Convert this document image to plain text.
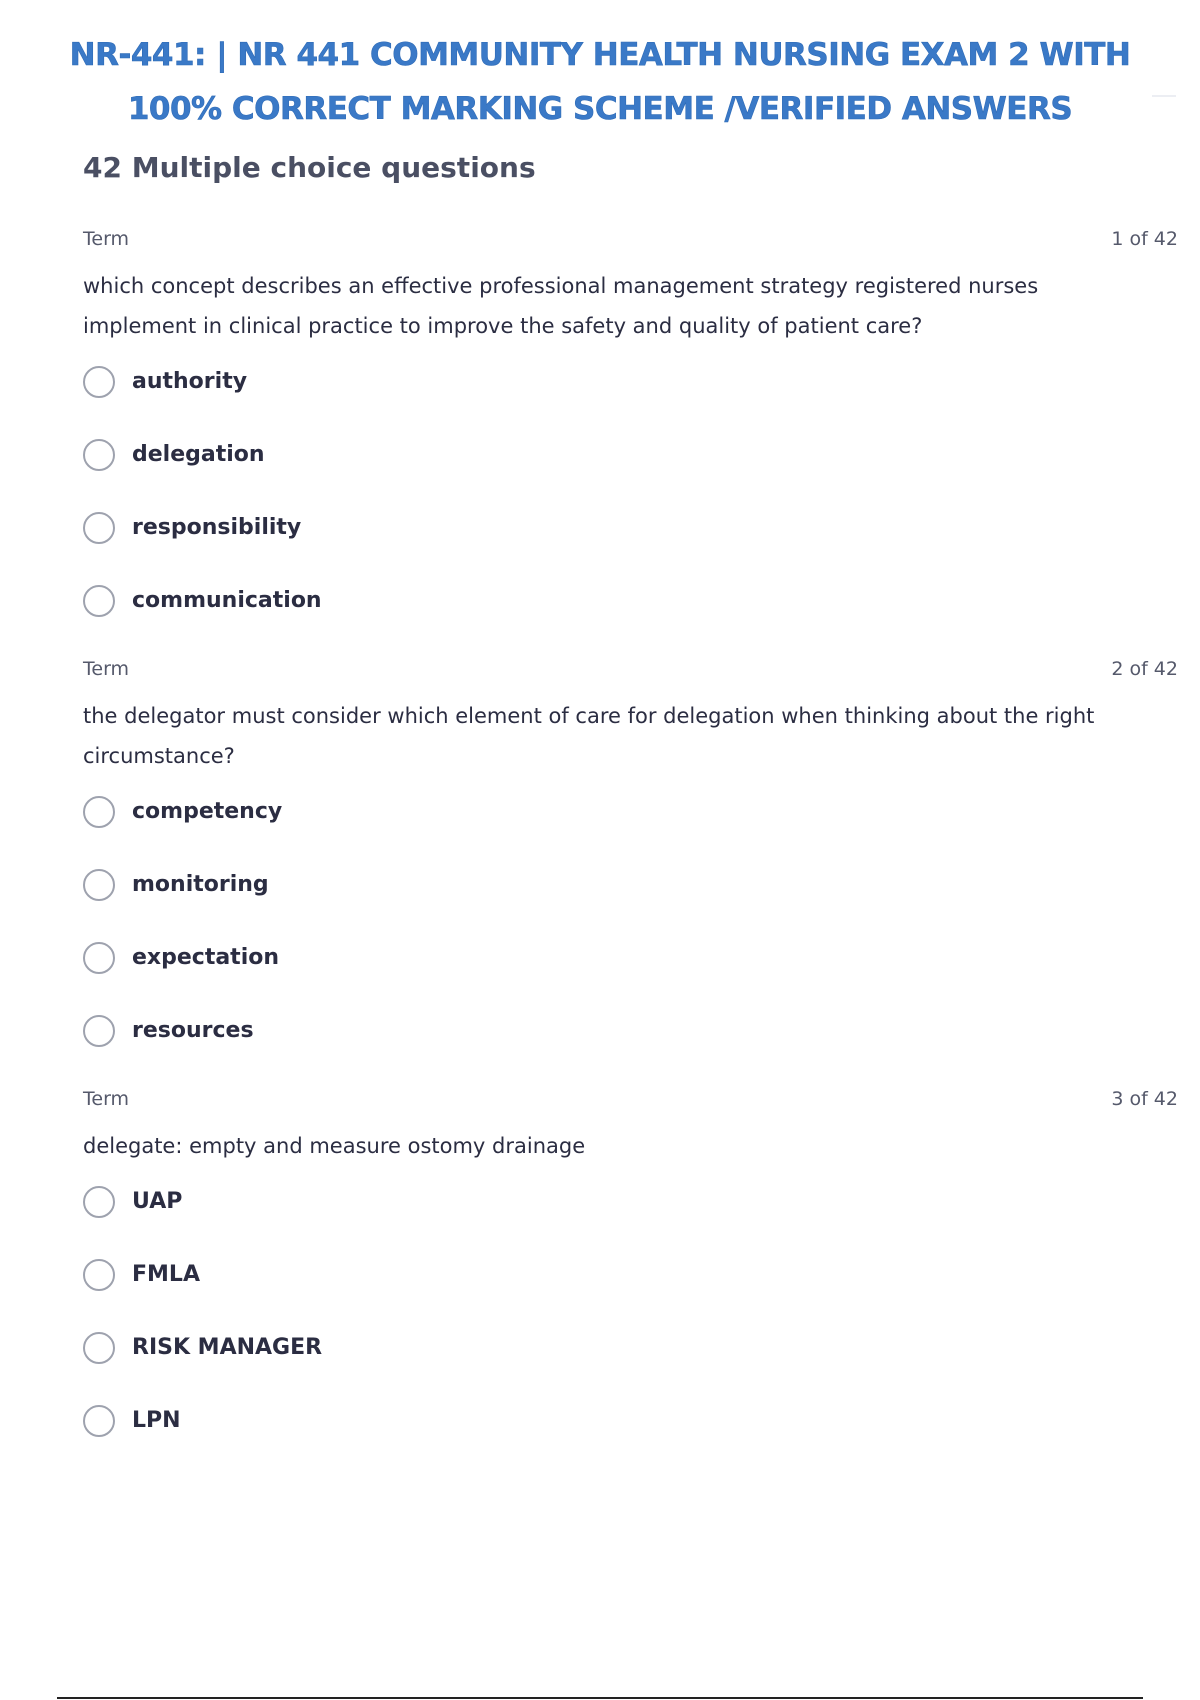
NR-441: | NR 441 COMMUNITY HEALTH NURSING EXAM 2 WITH
100% CORRECT MARKING SCHEME /VERIFIED ANSWERS
42 Multiple choice questions
Term	1 of 42
which concept describes an effective professional management strategy registered nurses implement in clinical practice to improve the safety and quality of patient care?
authority
delegation
responsibility
communication
Term	2 of 42
the delegator must consider which element of care for delegation when thinking about the right circumstance?
competency
monitoring
expectation
resources
Term	3 of 42
delegate: empty and measure ostomy drainage
UAP
FMLA
RISK MANAGER
LPN
